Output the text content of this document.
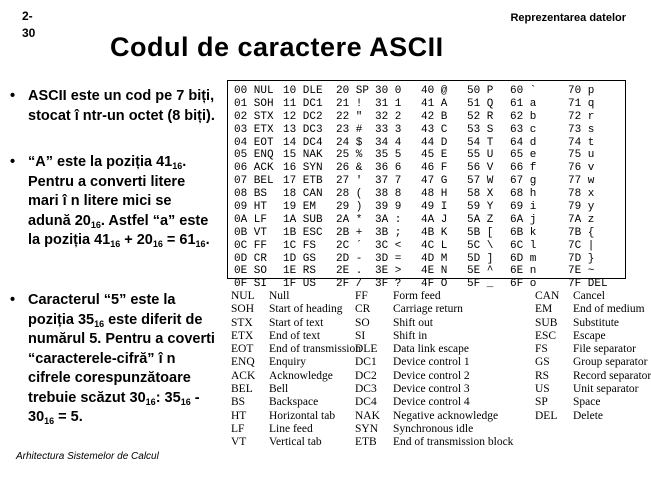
2-
30
Reprezentarea datelor
Codul de caractere ASCII
• ASCII este un cod pe 7 biți, stocat î ntr-un octet (8 biți).
• “A” este la poziția $41_{16}$. Pentru a converti litere mari î n litere mici se adună $20_{16}$. Astfel “a” este la poziția $41_{16} + 20_{16} = 61_{16}$.
• Caracterul “5” este la poziția $35_{16}$ este diferit de numărul 5. Pentru a coverti “caracterele-cifră” î n cifrele corespunzătoare trebuie scăzut $30_{16}$: $35_{16} - 30_{16} = 5$.
00 NUL
01 SOH
02 STX
03 ETX
04 EOT
05 ENQ
06 ACK
07 BEL
08 BS
09 HT
0A LF
0B VT
0C FF
0D CR
0E SO
0F SI
10 DLE
11 DC1
12 DC2
13 DC3
14 DC4
15 NAK
16 SYN
17 ETB
18 CAN
19 EM
1A SUB
1B ESC
1C FS
1D GS
1E RS
1F US
20 SP
21 !
22 "
23 #
24 $
25 %
26 &
27 '
28 (
29 )
2A *
2B +
2C ´
2D -
2E .
2F /
30 0
31 1
32 2
33 3
34 4
35 5
36 6
37 7
38 8
39 9
3A :
3B ;
3C <
3D =
3E >
3F ?
40 @
41 A
42 B
43 C
44 D
45 E
46 F
47 G
48 H
49 I
4A J
4B K
4C L
4D M
4E N
4F O
50 P
51 Q
52 R
53 S
54 T
55 U
56 V
57 W
58 X
59 Y
5A Z
5B [
5C \
5D ]
5E ^
5F _
60 `
61 a
62 b
63 c
64 d
65 e
66 f
67 g
68 h
69 i
6A j
6B k
6C l
6D m
6E n
6F o
70 p
71 q
72 r
73 s
74 t
75 u
76 v
77 w
78 x
79 y
7A z
7B {
7C |
7D }
7E ~
7F DEL
NUL Null
SOH Start of heading
STX Start of text
ETX End of text
EOT End of transmission
ENQ Enquiry
ACK Acknowledge
BEL Bell
BS Backspace
HT Horizontal tab
LF Line feed
VT Vertical tab
FF Form feed
CR Carriage return
SO Shift out
SI Shift in
DLE Data link escape
DC1 Device control 1
DC2 Device control 2
DC3 Device control 3
DC4 Device control 4
NAK Negative acknowledge
SYN Synchronous idle
ETB End of transmission block
CAN Cancel
EM End of medium
SUB Substitute
ESC Escape
FS File separator
GS Group separator
RS Record separator
US Unit separator
SP Space
DEL Delete
Arhitectura Sistemelor de Calcul
